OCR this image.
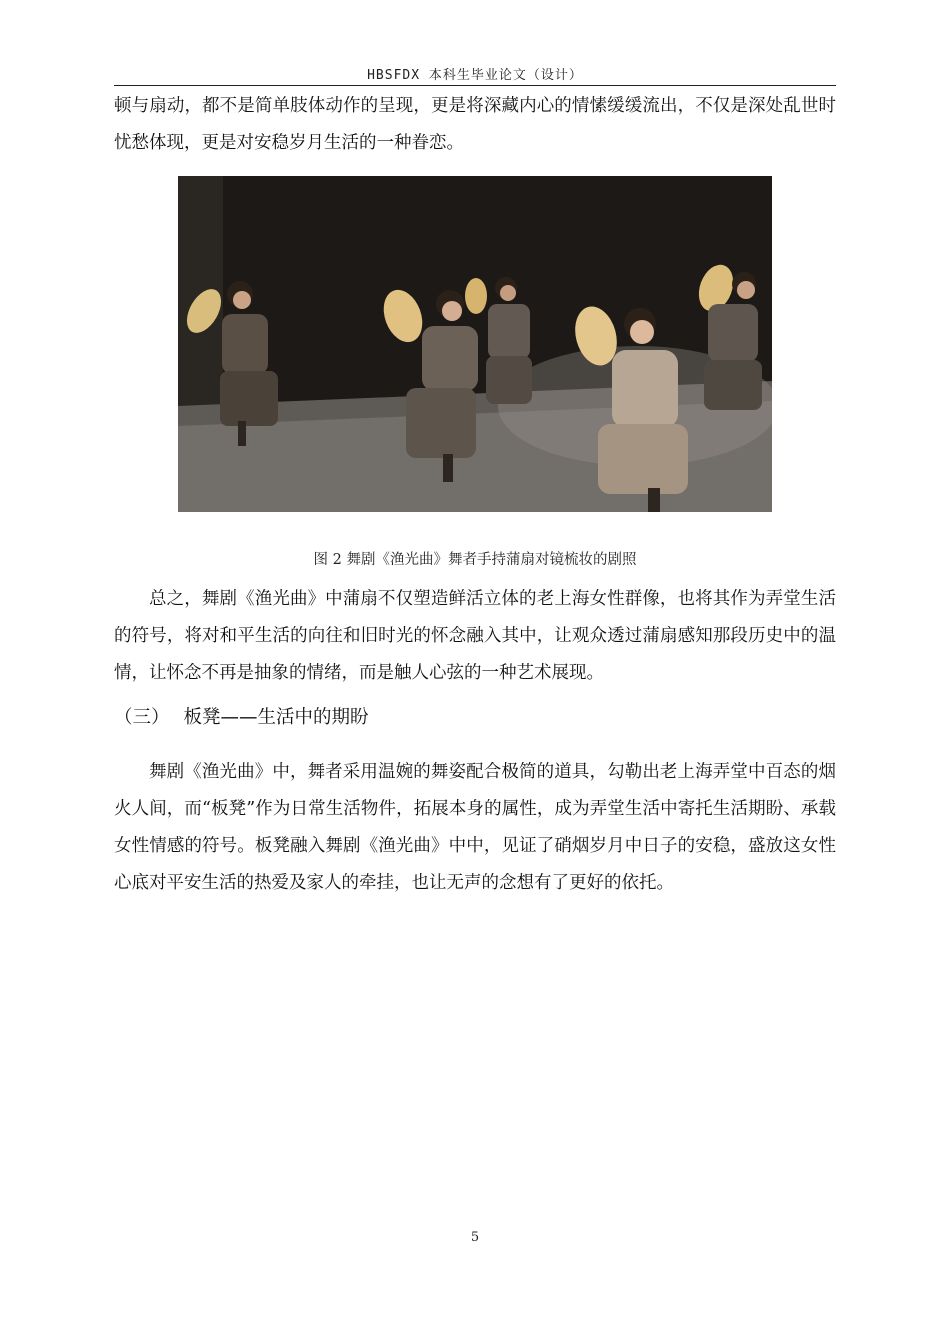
HBSFDX 本科生毕业论文（设计）

顿与扇动，都不是简单肢体动作的呈现，更是将深藏内心的情愫缓缓流出，不仅是深处乱世时忧愁体现，更是对安稳岁月生活的一种眷恋。

图 2 舞剧《渔光曲》舞者手持蒲扇对镜梳妆的剧照

总之，舞剧《渔光曲》中蒲扇不仅塑造鲜活立体的老上海女性群像，也将其作为弄堂生活的符号，将对和平生活的向往和旧时光的怀念融入其中，让观众透过蒲扇感知那段历史中的温情，让怀念不再是抽象的情绪，而是触人心弦的一种艺术展现。

（三） 板凳——生活中的期盼

舞剧《渔光曲》中，舞者采用温婉的舞姿配合极简的道具，勾勒出老上海弄堂中百态的烟火人间，而“板凳”作为日常生活物件，拓展本身的属性，成为弄堂生活中寄托生活期盼、承载女性情感的符号。板凳融入舞剧《渔光曲》中中，见证了硝烟岁月中日子的安稳，盛放这女性心底对平安生活的热爱及家人的牵挂，也让无声的念想有了更好的依托。

5
